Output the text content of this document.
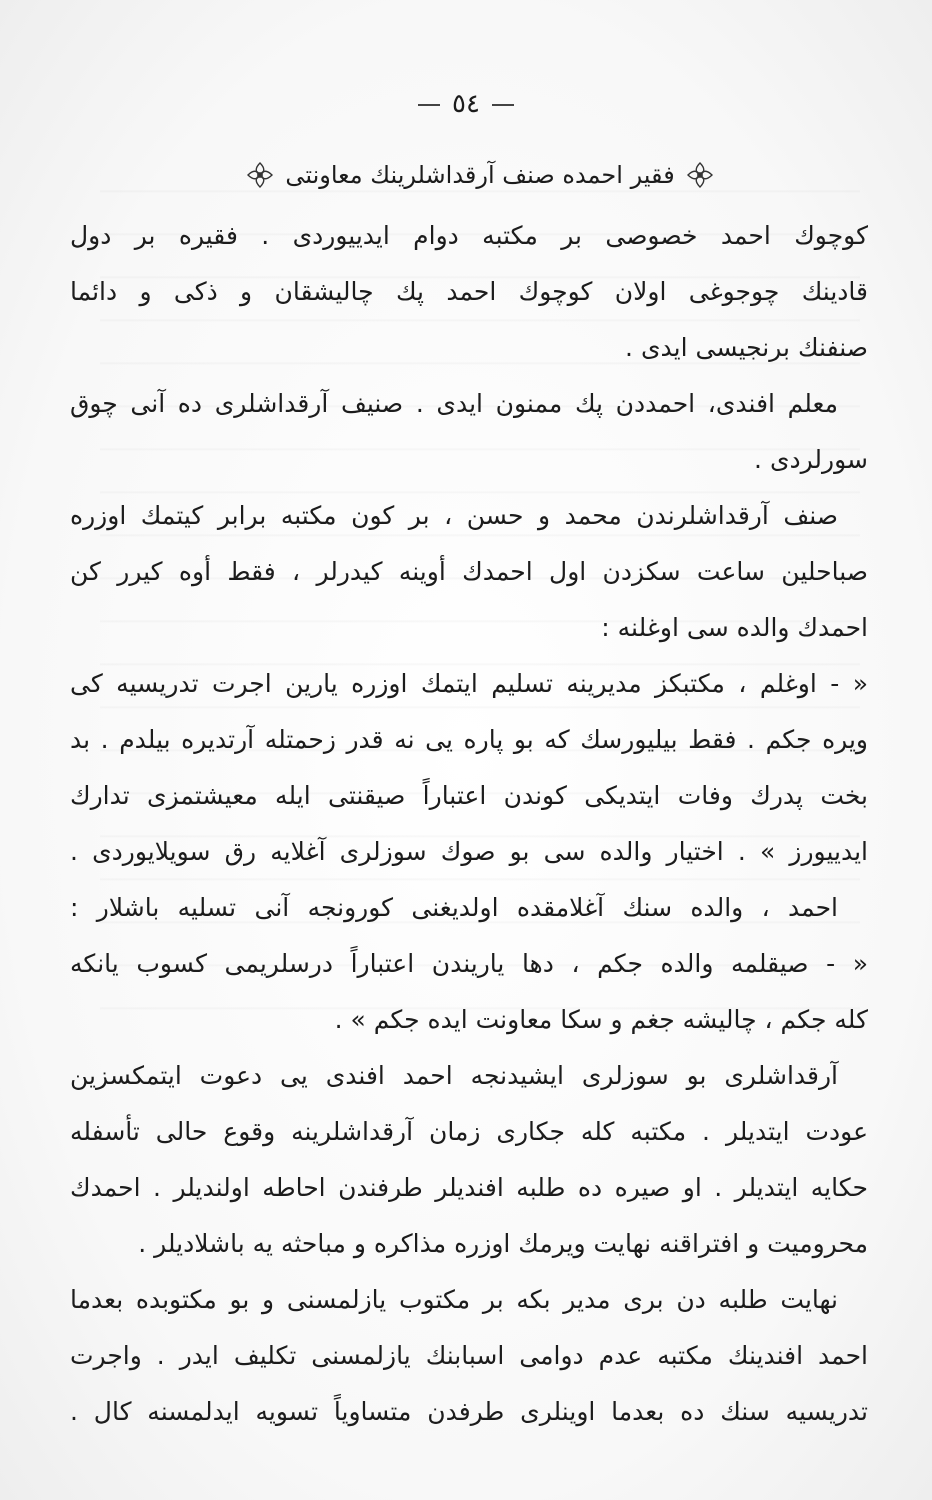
٥٤
فقیر احمده صنف آرقداشلرینك معاونتی
کوچوك احمد خصوصی بر مکتبه دوام ایدییوردی . فقیره بر دول
قادینك چوجوغی اولان کوچوك احمد پك چالیشقان و ذکی و دائما
صنفنك برنجیسی ایدی .
معلم افندی، احمددن پك ممنون ایدی . صنیف آرقداشلری ده آنی چوق
سورلردی .
صنف آرقداشلرندن محمد و حسن ، بر کون مکتبه برابر کیتمك اوزره
صباحلین ساعت سکزدن اول احمدك أوینه کیدرلر ، فقط أوه کیرر کن
احمدك والده سی اوغلنه :
« - اوغلم ، مکتبکز مدیرینه تسلیم ایتمك اوزره یارین اجرت تدریسیه کی
ویره جکم . فقط بیلیورسك که بو پاره یی نه قدر زحمتله آرتدیره بیلدم . بد
بخت پدرك وفات ایتدیکی کوندن اعتباراً صیقنتی ایله معیشتمزی تدارك
ایدییورز » . اختیار والده سی بو صوك سوزلری آغلایه رق سویلایوردی .
احمد ، والده سنك آغلامقده اولدیغنی کورونجه آنی تسلیه باشلار :
« - صیقلمه والده جکم ، دها یاریندن اعتباراً درسلریمی کسوب یانکه
کله جکم ، چالیشه جغم و سکا معاونت ایده جکم » .
آرقداشلری بو سوزلری ایشیدنجه احمد افندی یی دعوت ایتمکسزین
عودت ایتدیلر . مکتبه کله جکاری زمان آرقداشلرینه وقوع حالی تأسفله
حکایه ایتدیلر . او صیره ده طلبه افندیلر طرفندن احاطه اولندیلر . احمدك
محرومیت و افتراقنه نهایت ویرمك اوزره مذاکره و مباحثه یه باشلادیلر .
نهایت طلبه دن بری مدیر بکه بر مکتوب یازلمسنی و بو مکتوبده بعدما
احمد افندینك مکتبه عدم دوامی اسبابنك یازلمسنی تکلیف ایدر . واجرت
تدریسیه سنك ده بعدما اوینلری طرفدن متساویاً تسویه ایدلمسنه کال .
